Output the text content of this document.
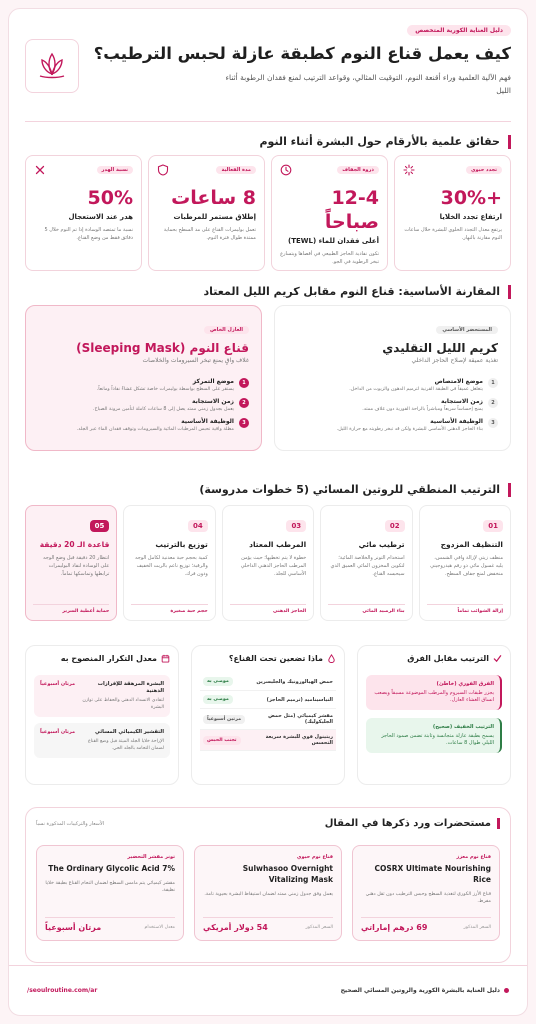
دليل العناية الكورية المتخصص
كيف يعمل قناع النوم كطبقة عازلة لحبس الترطيب؟
فهم الآلية العلمية وراء أقنعة النوم، التوقيت المثالي، وقواعد الترتيب لمنع فقدان الرطوبة أثناء الليل
حقائق علمية بالأرقام حول البشرة أثناء النوم
تجدد حيوي
+30%
ارتفاع تجدد الخلايا
يرتفع معدل التجدد الخلوي للبشرة خلال ساعات النوم مقارنة بالنهار.
ذروة الجفاف
12-4 صباحاً
أعلى فقدان للماء (TEWL)
تكون نفاذية الحاجز الطبيعي في أقصاها ويتسارع تبخر الرطوبة في الجو.
مدة الفعالية
8 ساعات
إطلاق مستمر للمرطبات
تعمل بوليمرات القناع على مد السطح بحماية ممتدة طوال فترة النوم.
نسبة الهدر
50%
هدر عند الاستعجال
نسبة ما تمتصه الوسادة إذا تم النوم خلال 5 دقائق فقط من وضع القناع.
المقارنة الأساسية: قناع النوم مقابل كريم الليل المعتاد
المستحضر الأساسي
كريم الليل التقليدي
تغذية عميقة لإصلاح الحاجز الداخلي
1
موضع الامتصاص
يتغلغل عميقاً في الطبقة القرنية لترميم الدهون والزيوت من الداخل.
2
زمن الاستجابة
يمنح إحساساً سريعاً ومباشراً بالراحة الفورية دون غلاف ممتد.
3
الوظيفة الأساسية
بناء الحاجز الدهني الأساسي للبشرة ولكن قد تبخر رطوبته مع حرارة الليل.
العازل الخاص
قناع النوم (Sleeping Mask)
غلاف واقٍ يمنع تبخر السيرومات والخلاصات
1
موضع التمركز
يستقر على السطح بواسطة بوليمرات خاصة تشكل غشاءً نفاذاً ومانعاً.
2
زمن الاستجابة
يعمل بجدول زمني ممتد يصل إلى 8 ساعات كاملة لتأمين مرونة الصباح.
3
الوظيفة الأساسية
مظلة واقية تحبس المرطبات المائية والسيرومات وتوقف فقدان الماء عبر الجلد.
الترتيب المنطقي للروتين المسائي (5 خطوات مدروسة)
01
التنظيف المزدوج
منظف زيتي لإزالة واقي الشمس، يليه غسول مائي ذو رقم هيدروجيني منخفض لمنع جفاف السطح.
إزالة الشوائب تماماً
02
ترطيب مائي
استخدام التونر والخلاصة المائية؛ لتكوين المخزون المائي العميق الذي سيحبسه القناع.
بناء الرصيد المائي
03
المرطب المعتاد
خطوة لا يتم تخطيها؛ حيث يؤمن المرطب الحاجز الدهني الداخلي الأساسي للجلد.
الحاجز الدهني
04
توزيع بالترتيب
كمية بحجم حبة معدنية لكامل الوجه والرقبة؛ توزيع ناعم بالربت الخفيف ودون فرك.
حجم حبة صغيرة
05
قاعدة الـ 20 دقيقة
انتظار 20 دقيقة قبل وضع الوجه على الوسادة لنفاذ البوليمرات ترابطها وتماسكها تماماً.
حماية أغطية السرير
الترتيب مقابل الفرق
الفرق الفوري (خاطئ)
يجزر طبقات السيروم والمرطب الموضوعة مسبقاً ويصعب انساق الغشاء العازل.
الترتيب الخفيف (صحيح)
يسمح بطبقة عازلة متجانسة وثابتة تضمن صمود الحاجز الليلي طوال 8 ساعات.
ماذا تضعين تحت القناع؟
حمض الهيالورونيك والجليسرين
موصى به
النياسيناميد (ترميم الحاجز)
موصى به
مقشر كيميائي (مثل حمض الجليكوليك)
مرتين أسبوعياً
ريتينول قوي للبشرة سريعة التحسس
تجنب الحبس
معدل التكرار المنصوح به
البشرة المرهقة للإفرازات الدهنية
لتفادي الانسداد الدهني والحفاظ على توازن البشرة
مرتان أسبوعياً
التقشير الكيميائي المسائي
الإراحة خلايا الجلد الميتة قبل وضع القناع لضمان التحامه بالجلد الحي.
مرتان أسبوعياً
مستحضرات ورد ذكرها في المقال
الأسعار والتركيبات المذكورة نسباً
قناع نوم معزز
COSRX Ultimate Nourishing Rice
قناع الأرز الكوري لتغذية السطح وحبس الترطيب دون ثقل دهني مفرط.
السعر المذكور
69 درهم إماراتي
قناع نوم حيوي
Sulwhasoo Overnight Vitalizing Mask
يعمل وفق جدول زمني ممتد لضمان استيقاظ البشرة بحيوية تامة.
السعر المذكور
54 دولار أمريكي
تونر مقشر التحضير
The Ordinary Glycolic Acid 7%
مقشر كيميائي يتم مامس السطح لضمان التحام القناع بطبقة خلايا نظيفة.
معدل الاستخدام
مرتان أسبوعياً
دليل العناية بالبشرة الكورية والروتين المسائي الصحيح
/seoulroutine.com/ar
